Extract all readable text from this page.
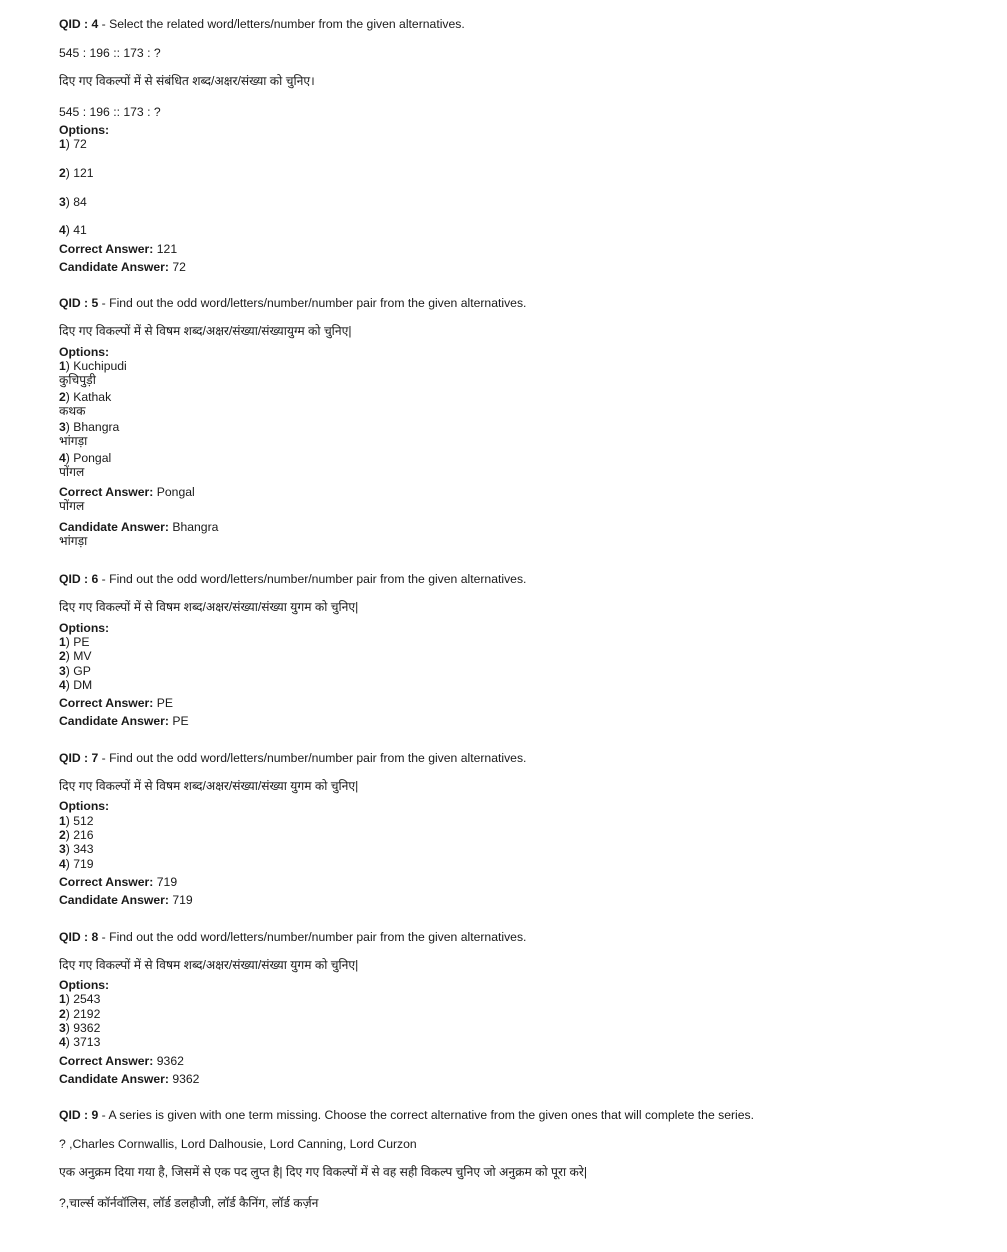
QID : 4 - Select the related word/letters/number from the given alternatives.
545 : 196 :: 173 : ?
दिए गए विकल्पों में से संबंधित शब्द/अक्षर/संख्या को चुनिए।
545 : 196 :: 173 : ?
Options:
1) 72
2) 121
3) 84
4) 41
Correct Answer: 121
Candidate Answer: 72
QID : 5 - Find out the odd word/letters/number/number pair from the given alternatives.
दिए गए विकल्पों में से विषम शब्द/अक्षर/संख्या/संख्यायुग्म को चुनिए|
Options:
1) Kuchipudi
कुचिपुड़ी
2) Kathak
कथक
3) Bhangra
भांगड़ा
4) Pongal
पोंगल
Correct Answer: Pongal
पोंगल
Candidate Answer: Bhangra
भांगड़ा
QID : 6 - Find out the odd word/letters/number/number pair from the given alternatives.
दिए गए विकल्पों में से विषम शब्द/अक्षर/संख्या/संख्या युगम को चुनिए|
Options:
1) PE
2) MV
3) GP
4) DM
Correct Answer: PE
Candidate Answer: PE
QID : 7 - Find out the odd word/letters/number/number pair from the given alternatives.
दिए गए विकल्पों में से विषम शब्द/अक्षर/संख्या/संख्या युगम को चुनिए|
Options:
1) 512
2) 216
3) 343
4) 719
Correct Answer: 719
Candidate Answer: 719
QID : 8 - Find out the odd word/letters/number/number pair from the given alternatives.
दिए गए विकल्पों में से विषम शब्द/अक्षर/संख्या/संख्या युगम को चुनिए|
Options:
1) 2543
2) 2192
3) 9362
4) 3713
Correct Answer: 9362
Candidate Answer: 9362
QID : 9 - A series is given with one term missing. Choose the correct alternative from the given ones that will complete the series.
? ,Charles Cornwallis, Lord Dalhousie, Lord Canning, Lord Curzon
एक अनुक्रम दिया गया है, जिसमें से एक पद लुप्त है| दिए गए विकल्पों में से वह सही विकल्प चुनिए जो अनुक्रम को पूरा करे|
?,चार्ल्स कॉर्नवॉलिस, लॉर्ड डलहौजी, लॉर्ड कैनिंग, लॉर्ड कर्ज़न
